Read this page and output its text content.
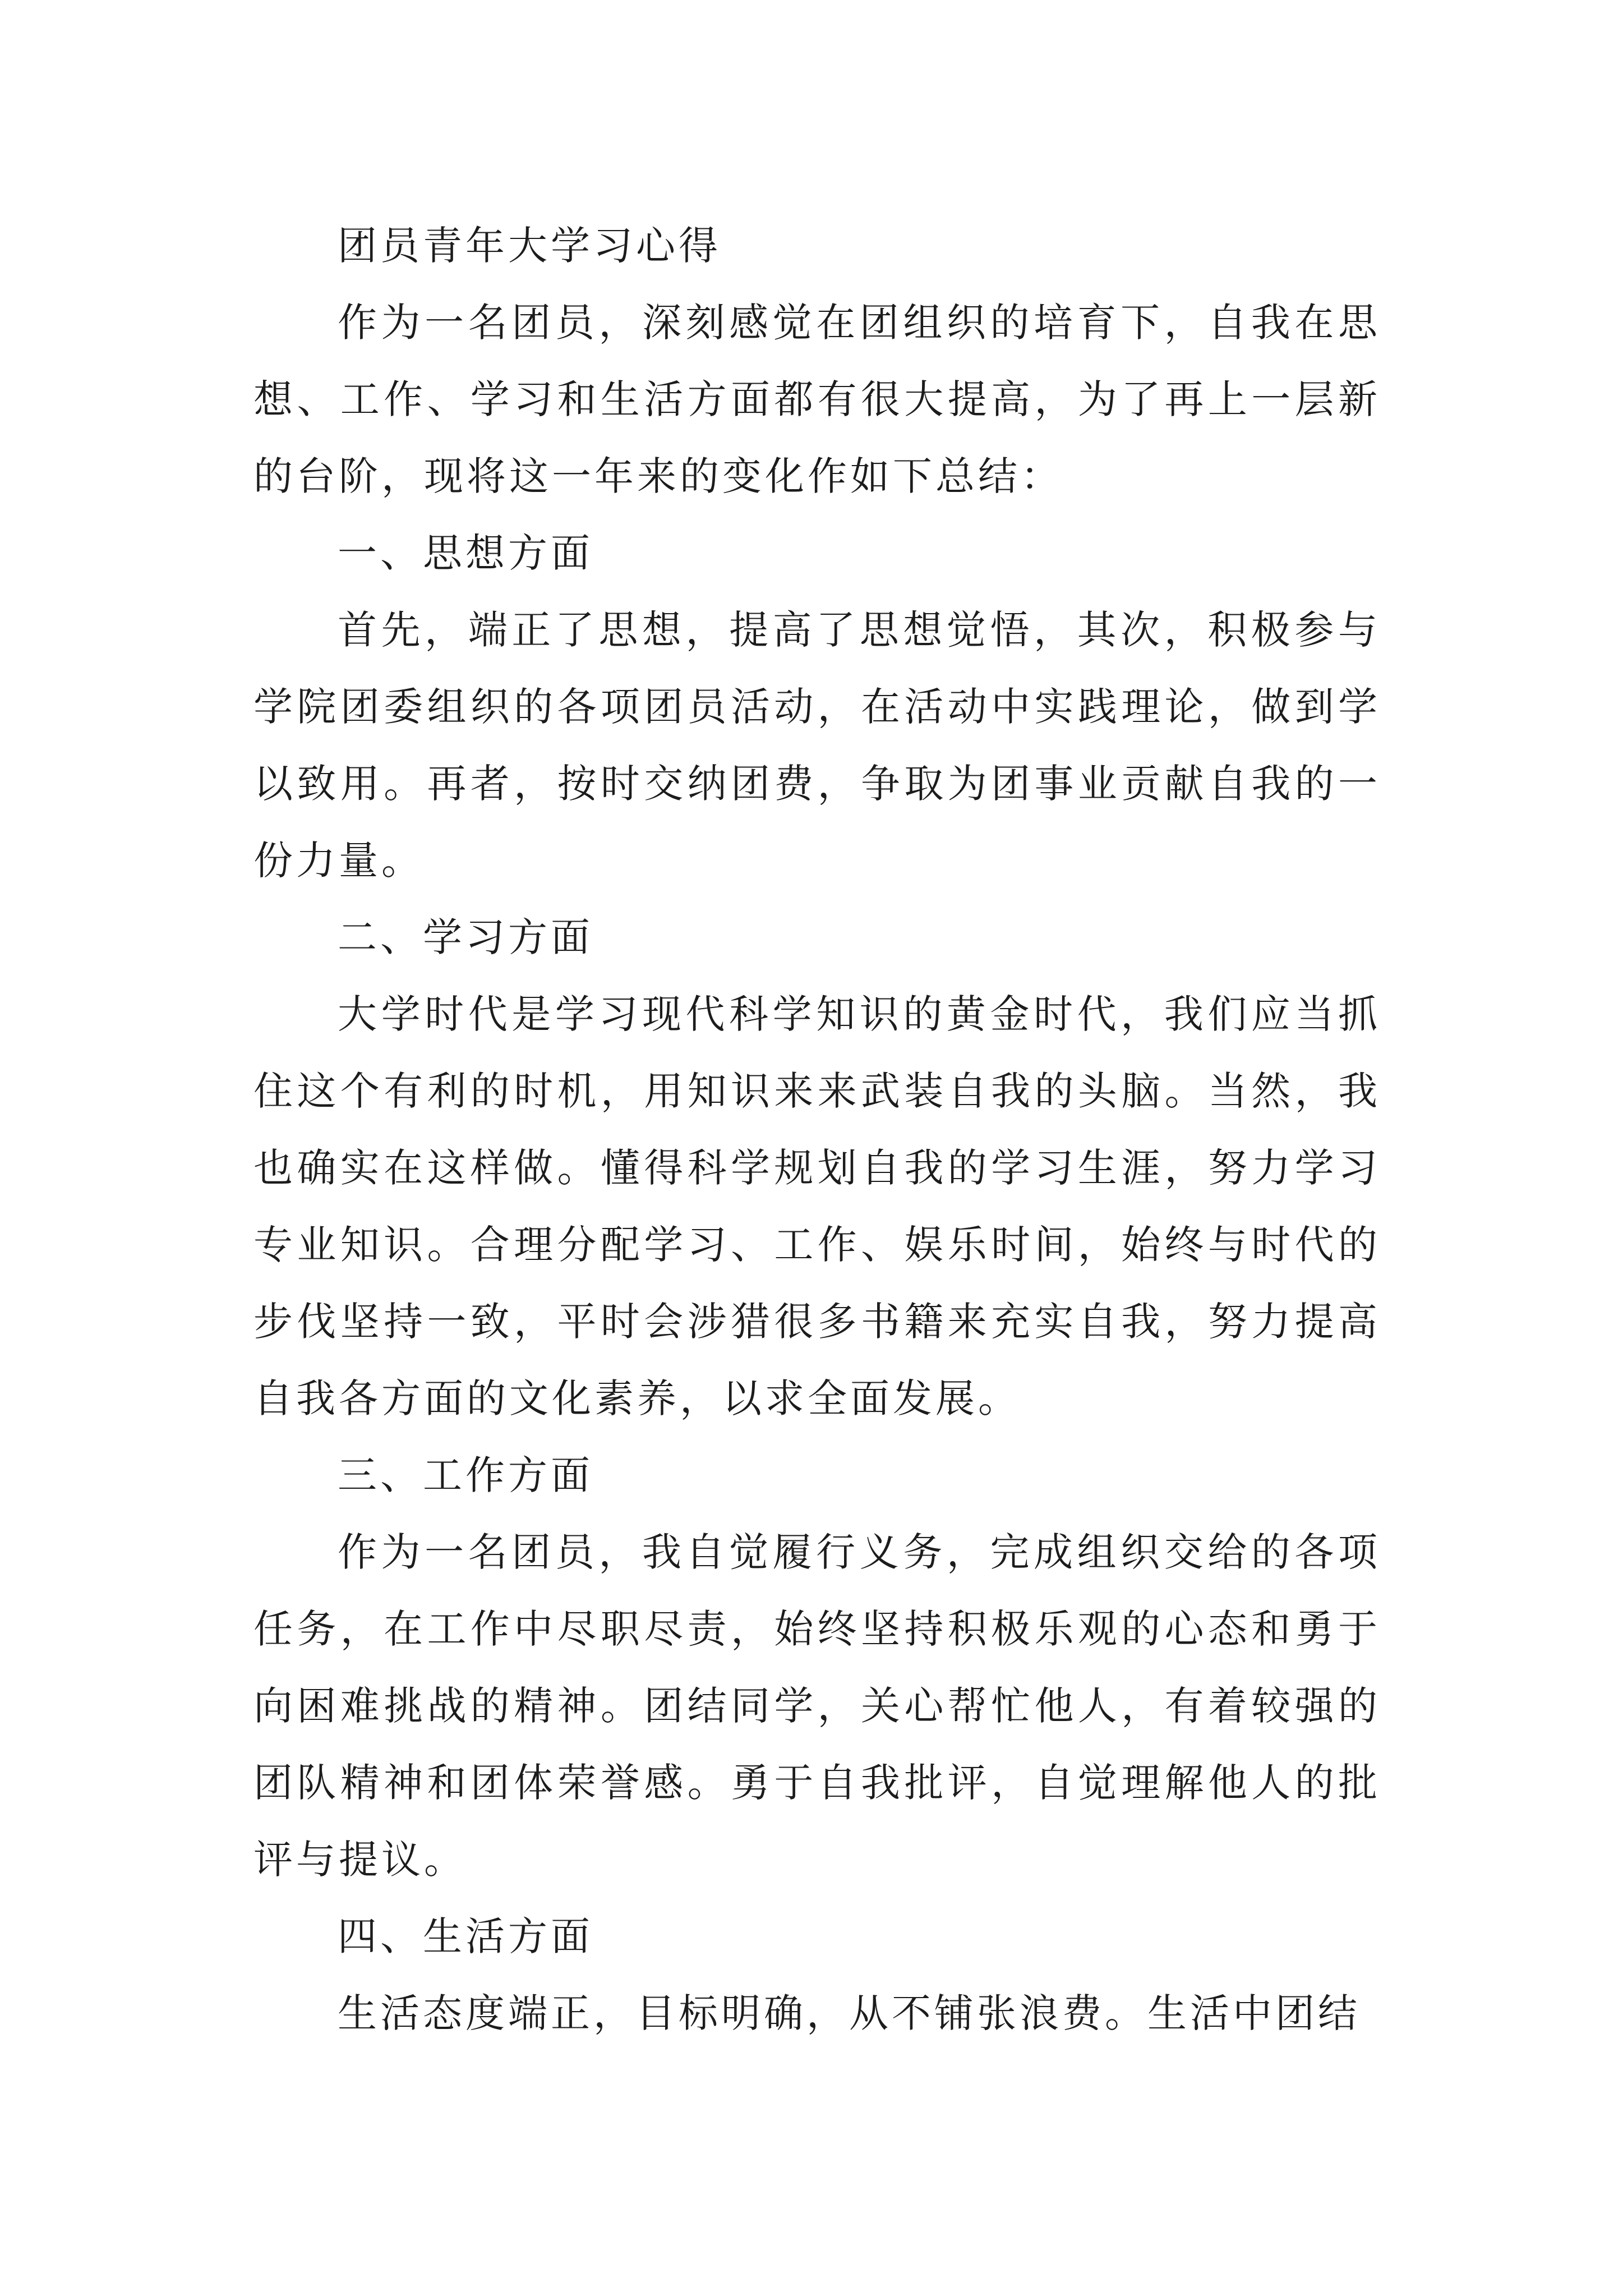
团员青年大学习心得

作为一名团员，深刻感觉在团组织的培育下，自我在思想、工作、学习和生活方面都有很大提高，为了再上一层新的台阶，现将这一年来的变化作如下总结：

一、思想方面

首先，端正了思想，提高了思想觉悟，其次，积极参与学院团委组织的各项团员活动，在活动中实践理论，做到学以致用。再者，按时交纳团费，争取为团事业贡献自我的一份力量。

二、学习方面

大学时代是学习现代科学知识的黄金时代，我们应当抓住这个有利的时机，用知识来来武装自我的头脑。当然，我也确实在这样做。懂得科学规划自我的学习生涯，努力学习专业知识。合理分配学习、工作、娱乐时间，始终与时代的步伐坚持一致，平时会涉猎很多书籍来充实自我，努力提高自我各方面的文化素养，以求全面发展。

三、工作方面

作为一名团员，我自觉履行义务，完成组织交给的各项任务，在工作中尽职尽责，始终坚持积极乐观的心态和勇于向困难挑战的精神。团结同学，关心帮忙他人，有着较强的团队精神和团体荣誉感。勇于自我批评，自觉理解他人的批评与提议。

四、生活方面

生活态度端正，目标明确，从不铺张浪费。生活中团结
